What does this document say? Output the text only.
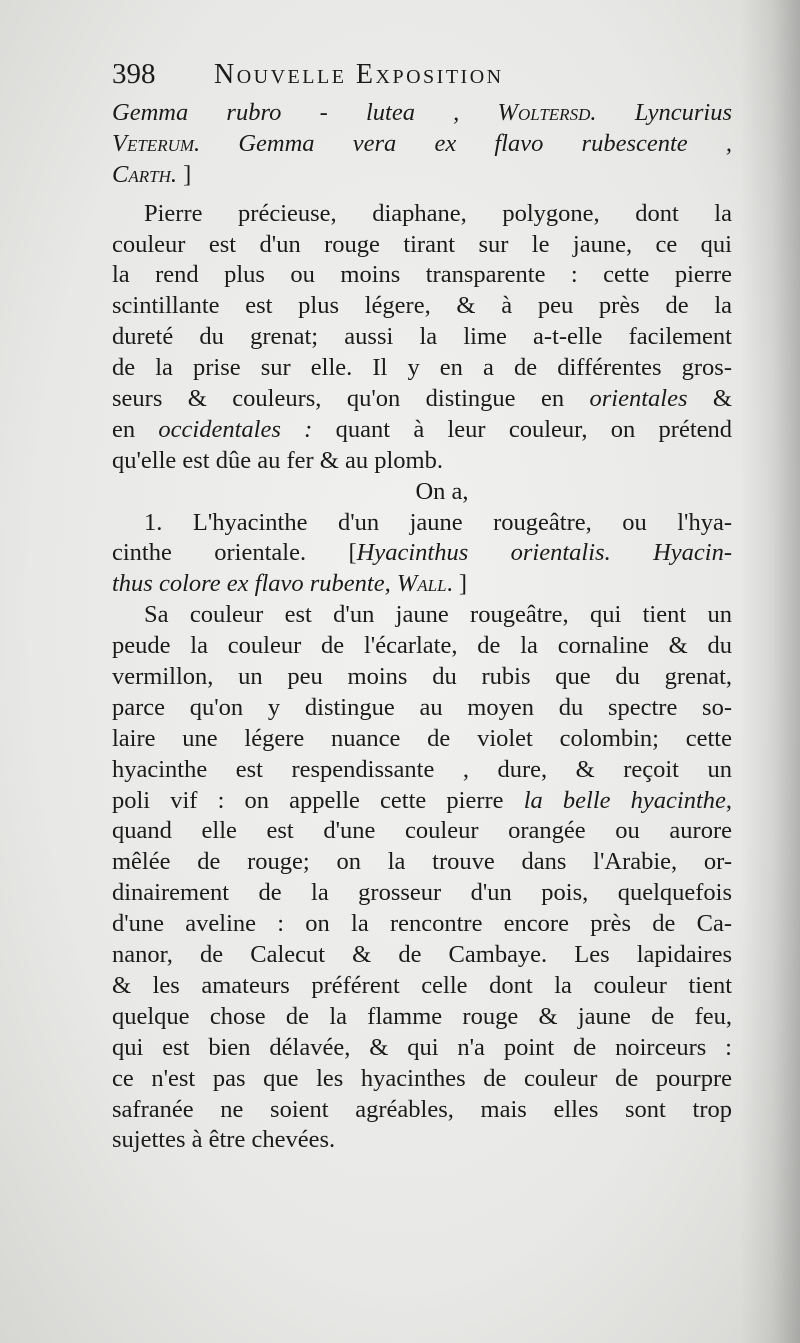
398	Nouvelle Exposition
Gemma rubro - lutea , Woltersd. Lyncurius
Veterum. Gemma vera ex flavo rubescente ,
Carth. ]
Pierre précieuse, diaphane, polygone, dont la
couleur est d'un rouge tirant sur le jaune, ce qui
la rend plus ou moins transparente : cette pierre
scintillante est plus légere, & à peu près de la
dureté du grenat; aussi la lime a-t-elle facilement
de la prise sur elle. Il y en a de différentes gros-
seurs & couleurs, qu'on distingue en orientales &
en occidentales : quant à leur couleur, on prétend
qu'elle est dûe au fer & au plomb.
On a,
1. L'hyacinthe d'un jaune rougeâtre, ou l'hya-
cinthe orientale. [Hyacinthus orientalis. Hyacin-
thus colore ex flavo rubente, Wall. ]
Sa couleur est d'un jaune rougeâtre, qui tient un
peude la couleur de l'écarlate, de la cornaline & du
vermillon, un peu moins du rubis que du grenat,
parce qu'on y distingue au moyen du spectre so-
laire une légere nuance de violet colombin; cette
hyacinthe est respendissante , dure, & reçoit un
poli vif : on appelle cette pierre la belle hyacinthe,
quand elle est d'une couleur orangée ou aurore
mêlée de rouge; on la trouve dans l'Arabie, or-
dinairement de la grosseur d'un pois, quelquefois
d'une aveline : on la rencontre encore près de Ca-
nanor, de Calecut & de Cambaye. Les lapidaires
& les amateurs préférent celle dont la couleur tient
quelque chose de la flamme rouge & jaune de feu,
qui est bien délavée, & qui n'a point de noirceurs :
ce n'est pas que les hyacinthes de couleur de pourpre
safranée ne soient agréables, mais elles sont trop
sujettes à être chevées.
